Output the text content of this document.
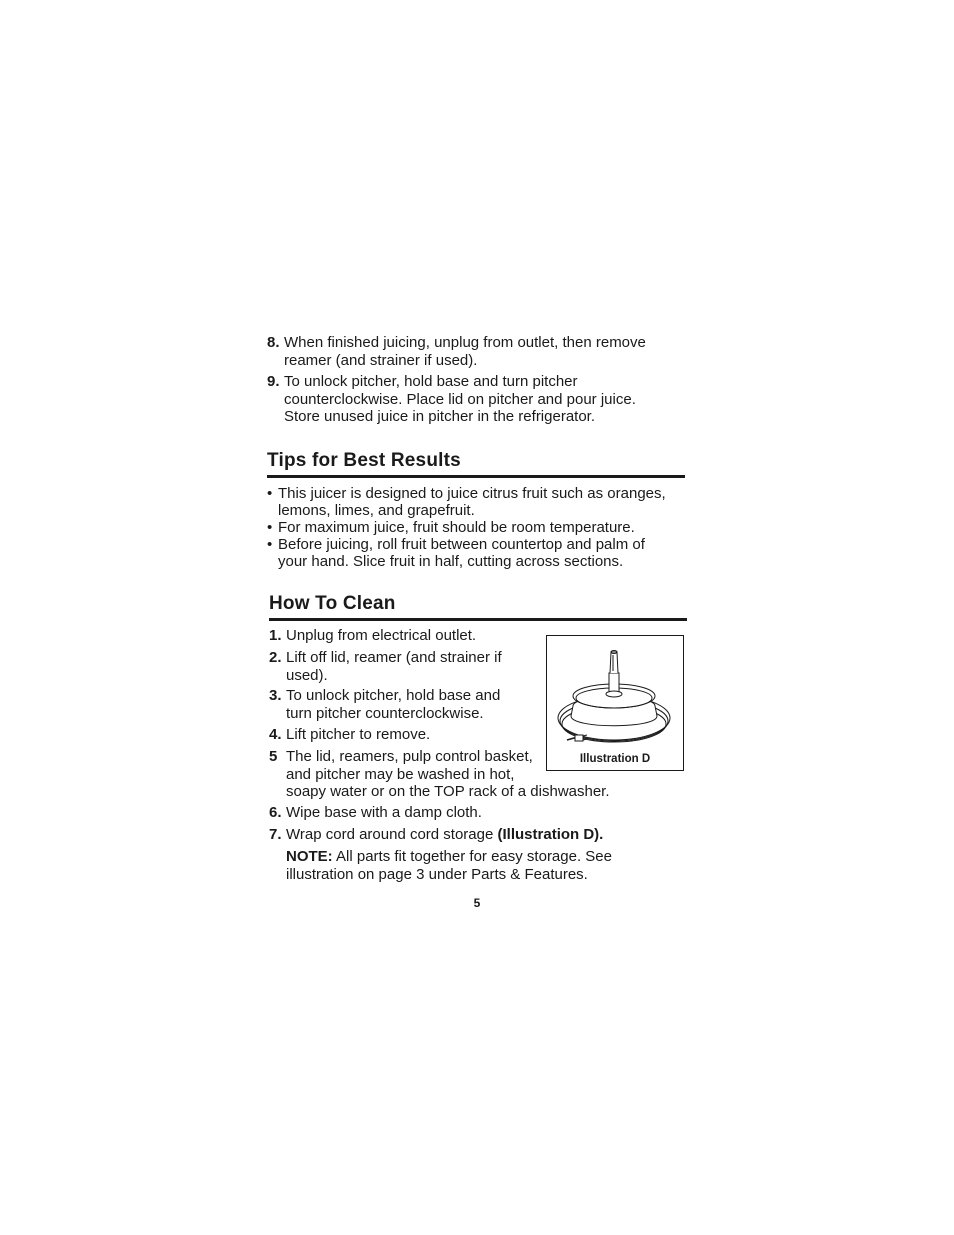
8. When finished juicing, unplug from outlet, then remove
reamer (and strainer if used).
9. To unlock pitcher, hold base and turn pitcher
counterclockwise. Place lid on pitcher and pour juice.
Store unused juice in pitcher in the refrigerator.
Tips for Best Results
• This juicer is designed to juice citrus fruit such as oranges,
lemons, limes, and grapefruit.
• For maximum juice, fruit should be room temperature.
• Before juicing, roll fruit between countertop and palm of
your hand. Slice fruit in half, cutting across sections.
How To Clean
1. Unplug from electrical outlet.
2. Lift off lid, reamer (and strainer if
used).
3. To unlock pitcher, hold base and
turn pitcher counterclockwise.
4. Lift pitcher to remove.
5 The lid, reamers, pulp control basket,
and pitcher may be washed in hot,
soapy water or on the TOP rack of a dishwasher.
6. Wipe base with a damp cloth.
7. Wrap cord around cord storage (Illustration D).
NOTE: All parts fit together for easy storage. See
illustration on page 3 under Parts & Features.
Illustration D
5
